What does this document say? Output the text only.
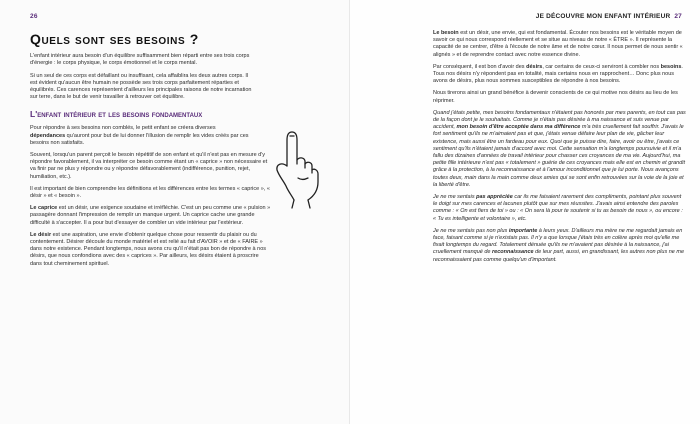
26
Quels sont ses besoins ?

L'enfant intérieur aura besoin d'un équilibre suffisamment bien réparti entre ses trois corps d'énergie : le corps physique, le corps émotionnel et le corps mental.

Si un seul de ces corps est défaillant ou insuffisant, cela affaiblira les deux autres corps. Il est évident qu'aucun être humain ne possède ses trois corps parfaitement réparties et équilibrés. Ces carences représentent d'ailleurs les principales raisons de notre incarnation sur terre, dans le but de venir travailler à retrouver cet équilibre.

L'enfant intérieur et les besoins fondamentaux

Pour répondre à ses besoins non comblés, le petit enfant se créera diverses dépendances qu'auront pour but de lui donner l'illusion de remplir les vides créés par ces besoins non satisfaits.

Souvent, lorsqu'un parent perçoit le besoin répétitif de son enfant et qu'il n'est pas en mesure d'y répondre favorablement, il va interpréter ce besoin comme étant un « caprice » non nécessaire et va finir par ne plus y répondre ou y répondre défavorablement (indifférence, punition, rejet, humiliation, etc.).

Il est important de bien comprendre les définitions et les différences entre les termes « caprice », « désir » et « besoin ».

Le caprice est un désir, une exigence soudaine et irréfléchie. C'est un peu comme une « pulsion » passagère donnant l'impression de remplir un manque urgent. Un caprice cache une grande difficulté à s'accepter. Il a pour but d'essayer de combler un vide intérieur par l'extérieur.

Le désir est une aspiration, une envie d'obtenir quelque chose pour ressentir du plaisir ou du contentement. Désirer découle du monde matériel et est relié au fait d'AVOIR » et de « FAIRE » dans notre existence. Pendant longtemps, nous avons cru qu'il n'était pas bon de répondre à nos désirs, que nous confondions avec des « caprices ». Par ailleurs, les désirs étaient à proscrire dans tout cheminement spirituel.

JE DÉCOUVRE MON ENFANT INTÉRIEUR 27

Le besoin est un désir, une envie, qui est fondamental. Écouter nos besoins est le véritable moyen de savoir ce qui nous correspond réellement et se situe au niveau de notre « ÊTRE ». Il représente la capacité de se centrer, d'être à l'écoute de notre âme et de notre cœur. Il nous permet de nous sentir « alignés » et de reprendre contact avec notre essence divine.

Par conséquent, il est bon d'avoir des désirs, car certains de ceux-ci serviront à combler nos besoins. Tous nos désirs n'y répondent pas en totalité, mais certains nous en rapprochent… Donc plus nous avons de désirs, plus nous sommes susceptibles de répondre à nos besoins.

Nous tirerons ainsi un grand bénéfice à devenir conscients de ce qui motive nos désirs au lieu de les réprimer.

Quand j'étais petite, mes besoins fondamentaux n'étaient pas honorés par mes parents, en tout cas pas de la façon dont je le souhaitais. Comme je n'étais pas désirée à ma naissance et suis venue par accident, mon besoin d'être acceptée dans ma différence m'a très cruellement fait souffrir. J'avais le fort sentiment qu'ils ne m'aimaient pas et que, j'étais venue défaire leur plan de vie, gâcher leur existence, mais aussi être un fardeau pour eux. Quoi que je puisse dire, faire, avoir ou être, j'avais ce sentiment qu'ils n'étaient jamais d'accord avec moi. Cette sensation m'a longtemps poursuivie et il m'a fallu des dizaines d'années de travail intérieur pour chasser ces croyances de ma vie. Aujourd'hui, ma petite fille intérieure n'est pas « totalement » guérie de ces croyances mais elle est en chemin et grandit grâce à la protection, à la reconnaissance et à l'amour inconditionnel que je lui porte. Nous avançons toutes deux, main dans la main comme deux amies qui se sont enfin retrouvées sur la voie de la joie et la liberté d'être.

Je ne me sentais pas appréciée car ils me faisaient rarement des compliments, pointant plus souvent le doigt sur mes carences et lacunes plutôt que sur mes réussites. J'avais ainsi entendre des paroles comme : « On est fiers de toi » ou : « On sera là pour te soutenir si tu as besoin de nous », ou encore : « Tu es intelligente et volontaire », etc.

Je ne me sentais pas non plus importante à leurs yeux. D'ailleurs ma mère ne me regardait jamais en face, faisant comme si je n'existais pas. Il n'y a que lorsque j'étais très en colère après moi qu'elle me fixait longtemps du regard. Totalement dénuée qu'ils ne m'avaient pas désirée à la naissance, j'ai cruellement manqué de reconnaissance de leur part, aussi, en grandissant, les autres non plus ne me reconnaissaient pas comme quelqu'un d'important.
